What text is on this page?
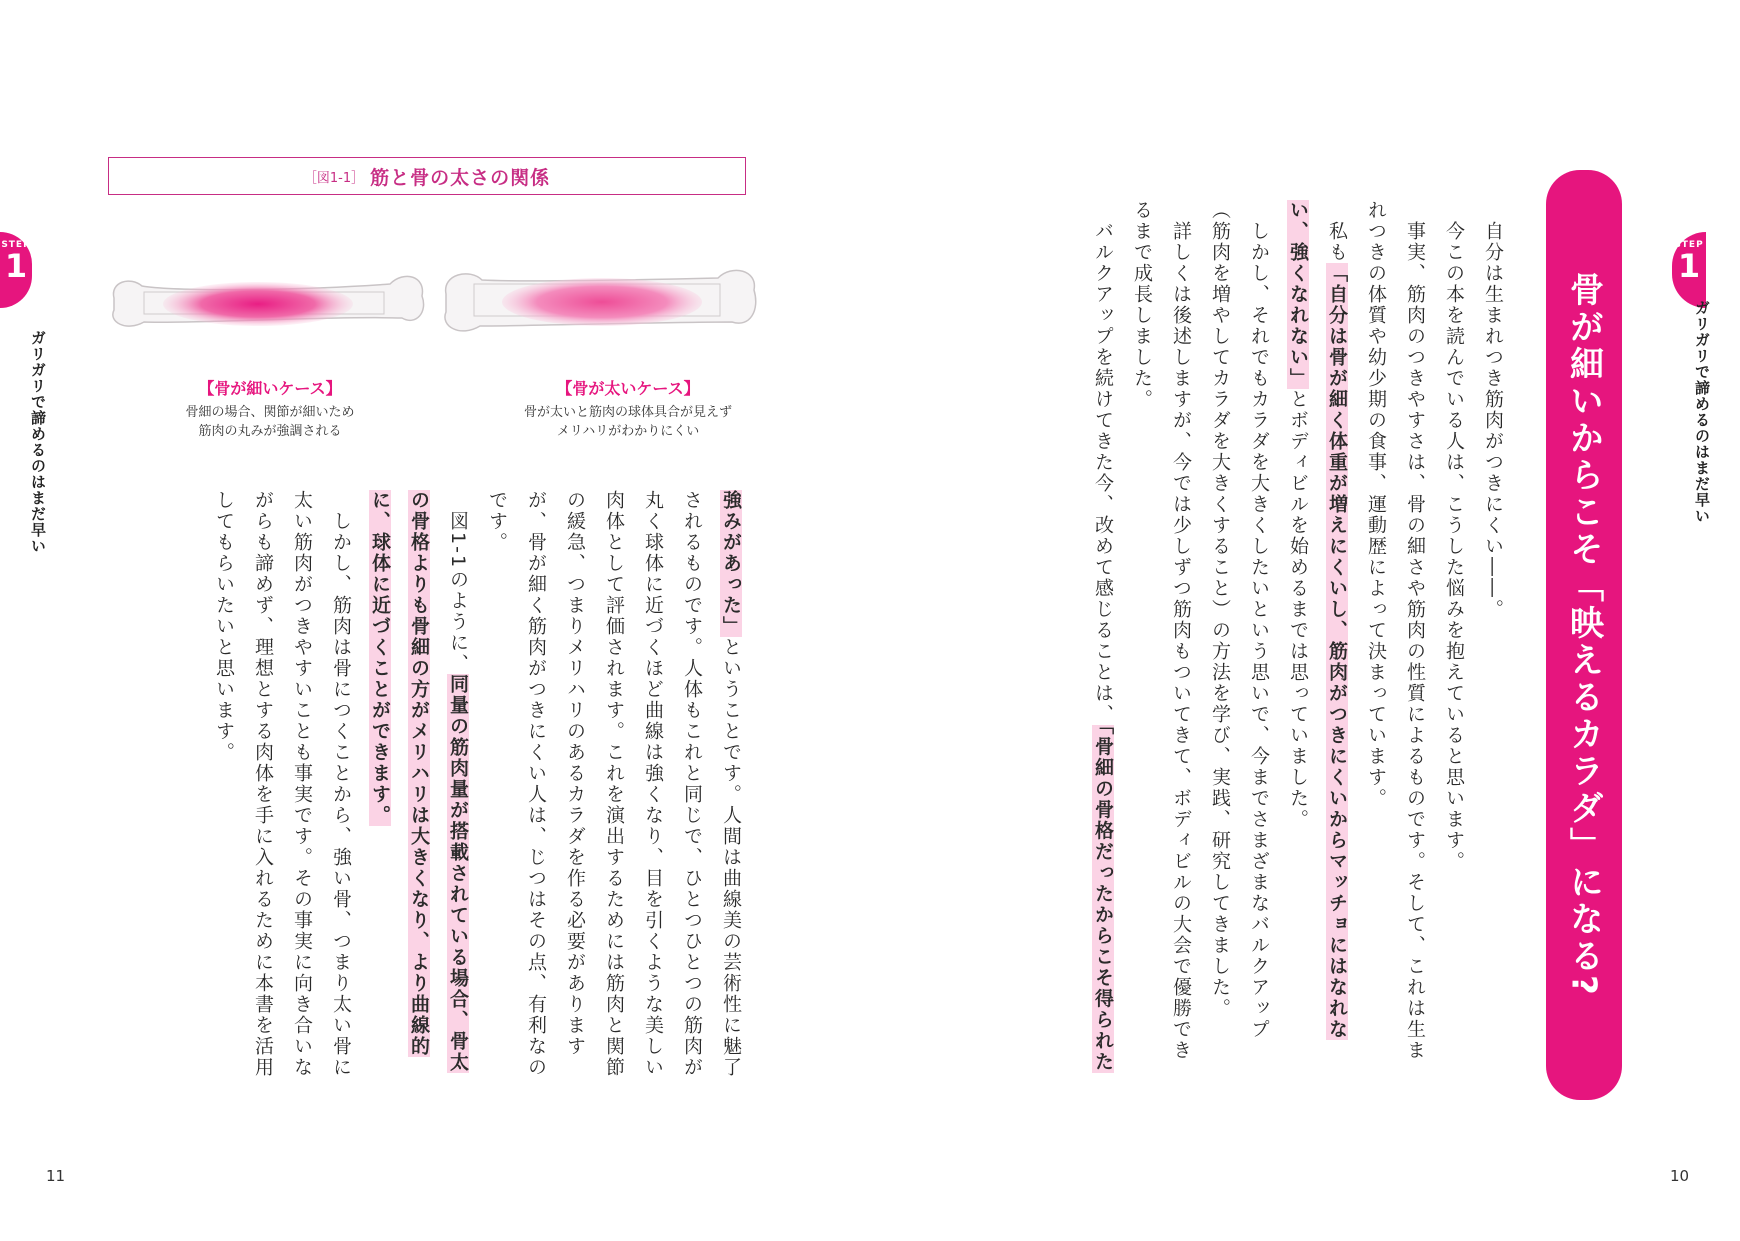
STEP
1
ガリガリで諦めるのはまだ早い
11
［図1-1］ 筋と骨の太さの関係
【骨が細いケース】
骨細の場合、関節が細いため
筋肉の丸みが強調される
【骨が太いケース】
骨が太いと筋肉の球体具合が見えず
メリハリがわかりにくい

強みがあった」ということです。人間は曲線美の芸術性に魅了されるものです。人体もこれと同じで、ひとつひとつの筋肉が丸く球体に近づくほど曲線は強くなり、目を引くような美しい肉体として評価されます。これを演出するためには筋肉と関節の緩急、つまりメリハリのあるカラダを作る必要がありますが、骨が細く筋肉がつきにくい人は、じつはその点、有利なのです。

　図1-1のように、同量の筋肉量が搭載されている場合、骨太の骨格よりも骨細の方がメリハリは大きくなり、より曲線的に、球体に近づくことができます。

　しかし、筋肉は骨につくことから、強い骨、つまり太い骨に太い筋肉がつきやすいことも事実です。その事実に向き合いながらも諦めず、理想とする肉体を手に入れるために本書を活用してもらいたいと思います。

STEP
1
ガリガリで諦めるのはまだ早い
10
骨が細いからこそ「映えるカラダ」になる?

　自分は生まれつき筋肉がつきにくい――。

　今この本を読んでいる人は、こうした悩みを抱えていると思います。

　事実、筋肉のつきやすさは、骨の細さや筋肉の性質によるものです。そして、これは生まれつきの体質や幼少期の食事、運動歴によって決まっています。

　私も「自分は骨が細く体重が増えにくいし、筋肉がつきにくいからマッチョにはなれない、強くなれない」とボディビルを始めるまでは思っていました。

　しかし、それでもカラダを大きくしたいという思いで、今までさまざまなバルクアップ（筋肉を増やしてカラダを大きくすること）の方法を学び、実践、研究してきました。

　詳しくは後述しますが、今では少しずつ筋肉もついてきて、ボディビルの大会で優勝できるまで成長しました。

　バルクアップを続けてきた今、改めて感じることは、「骨細の骨格だったからこそ得られた
